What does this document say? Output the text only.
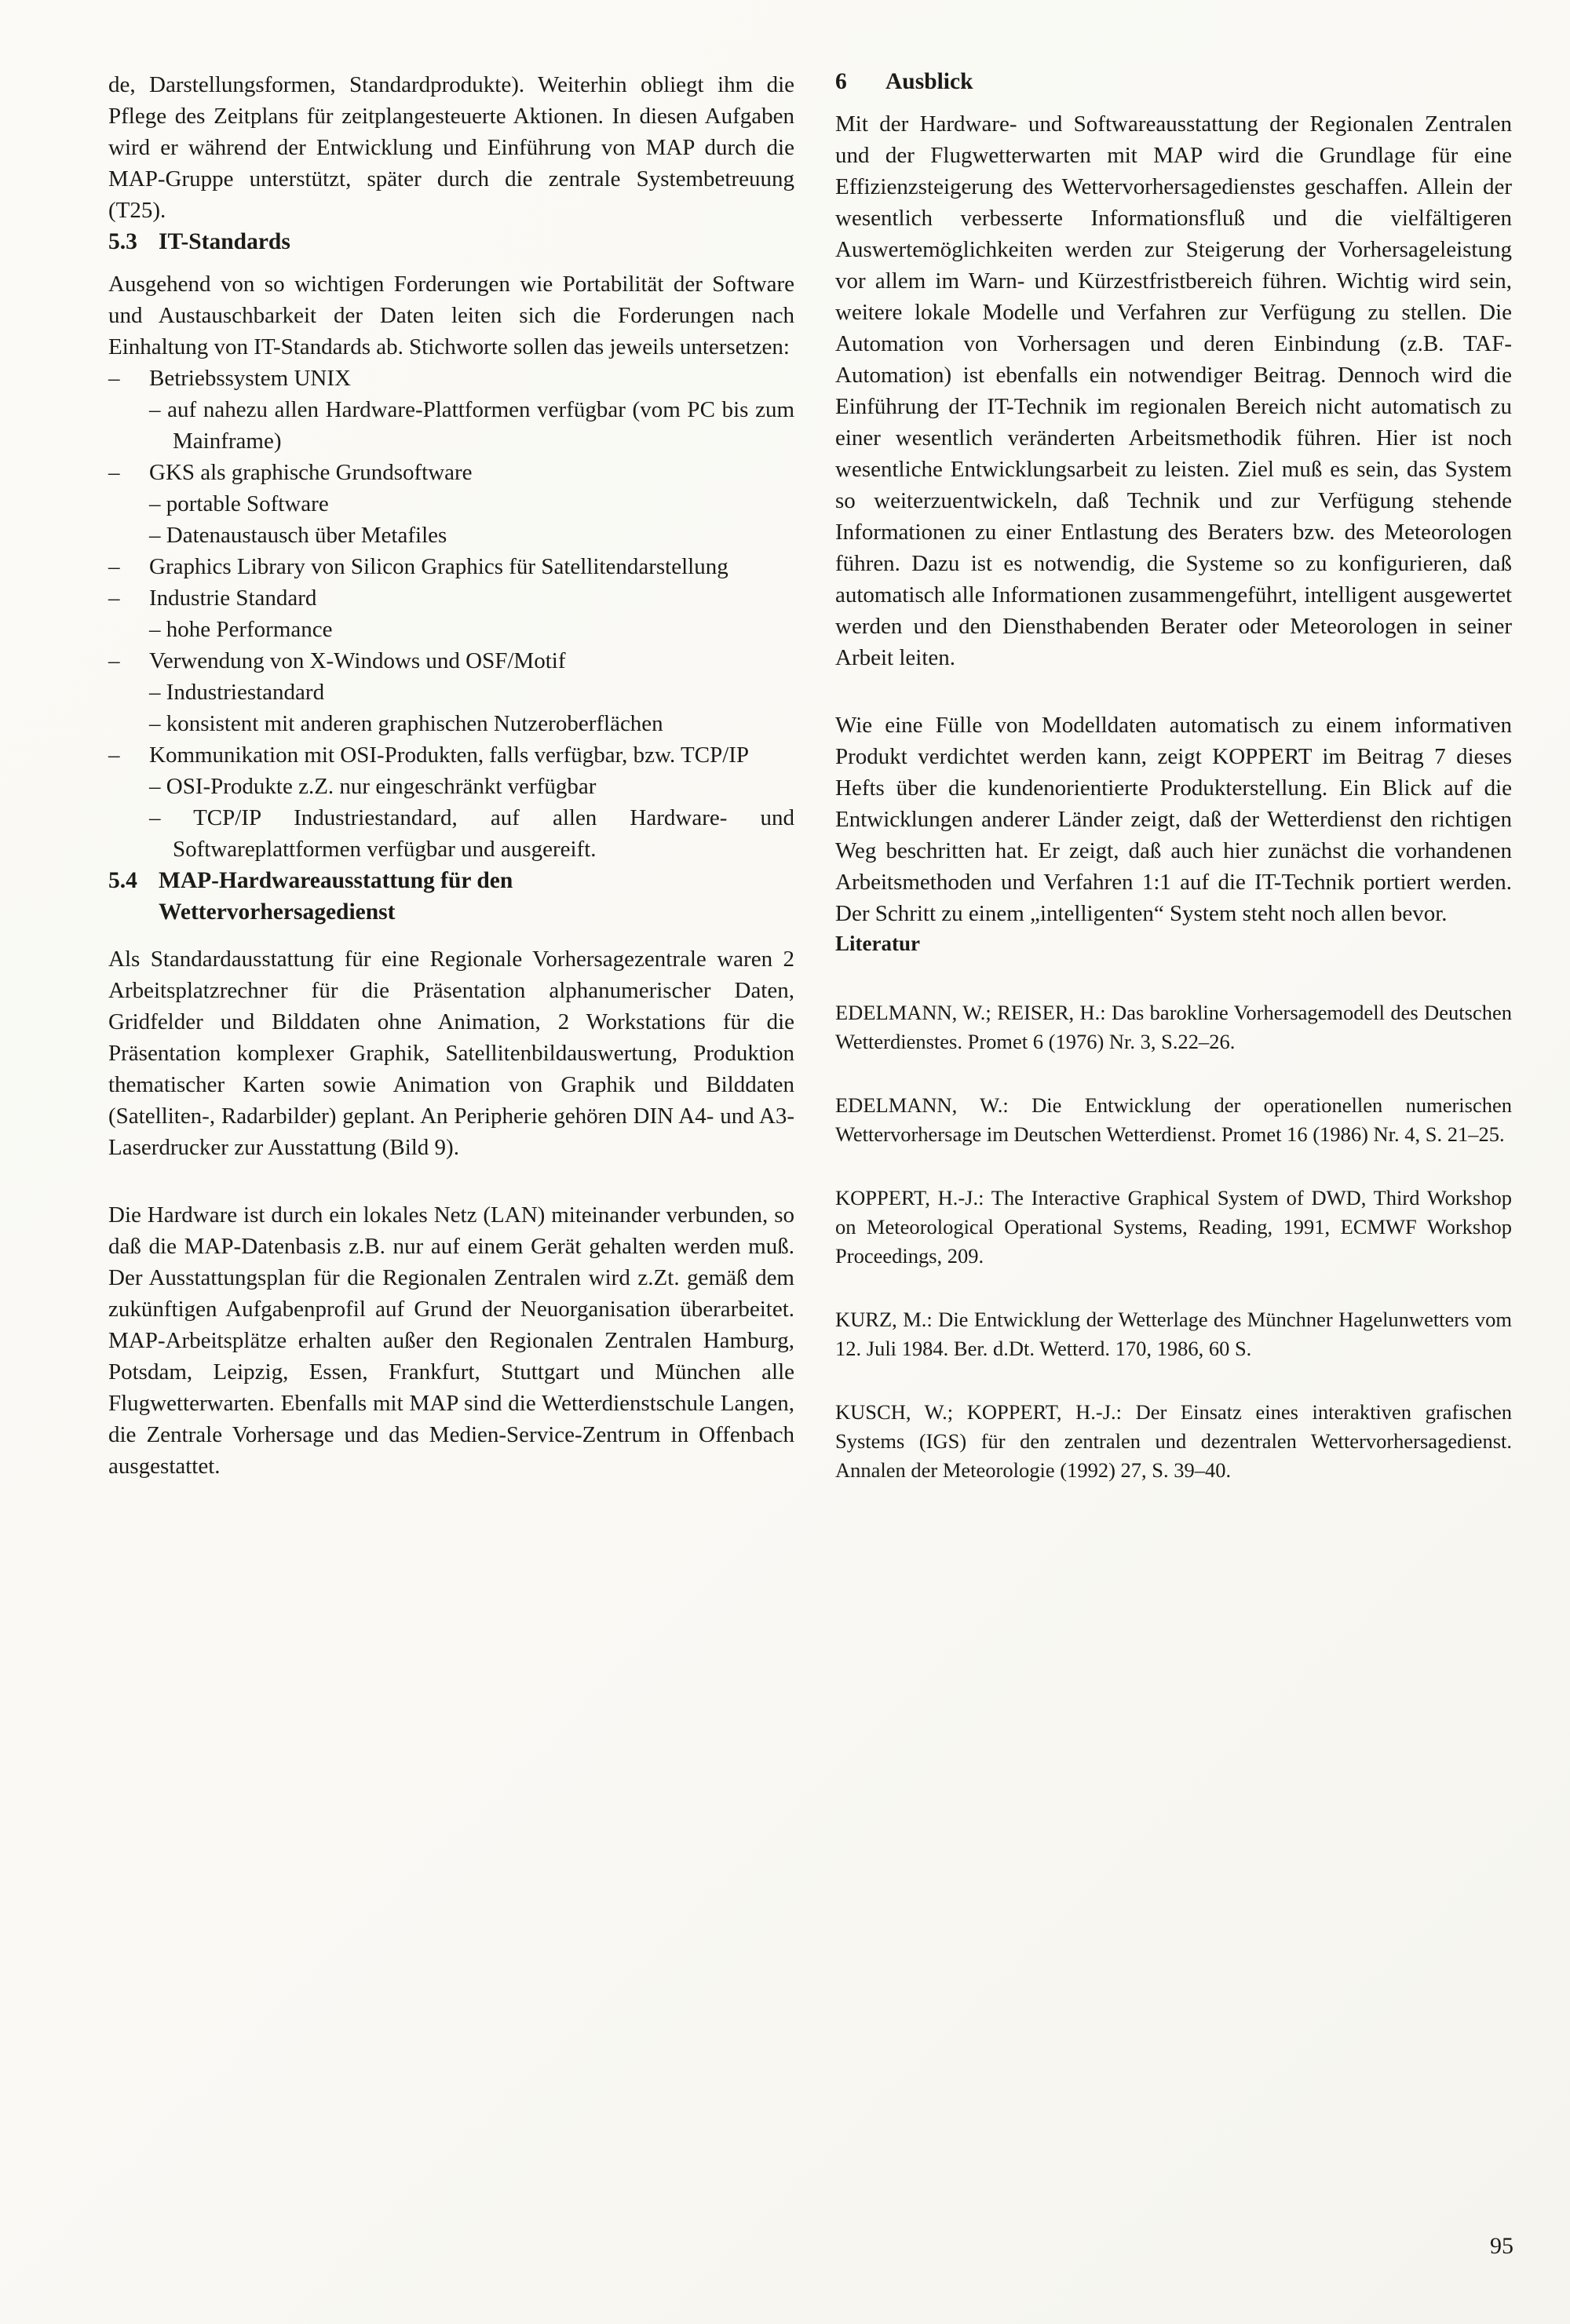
de, Darstellungsformen, Standardprodukte). Weiterhin obliegt ihm die Pflege des Zeitplans für zeitplangesteuerte Aktionen. In diesen Aufgaben wird er während der Entwicklung und Einführung von MAP durch die MAP-Gruppe unterstützt, später durch die zentrale Systembetreuung (T25).

5.3 IT-Standards

Ausgehend von so wichtigen Forderungen wie Portabilität der Software und Austauschbarkeit der Daten leiten sich die Forderungen nach Einhaltung von IT-Standards ab. Stichworte sollen das jeweils untersetzen:

–	Betriebssystem UNIX
– auf nahezu allen Hardware-Plattformen verfügbar (vom PC bis zum Mainframe)
–	GKS als graphische Grundsoftware
– portable Software
– Datenaustausch über Metafiles
–	Graphics Library von Silicon Graphics für Satellitendarstellung
–	Industrie Standard
– hohe Performance
–	Verwendung von X-Windows und OSF/Motif
– Industriestandard
– konsistent mit anderen graphischen Nutzeroberflächen
–	Kommunikation mit OSI-Produkten, falls verfügbar, bzw. TCP/IP
– OSI-Produkte z.Z. nur eingeschränkt verfügbar
– TCP/IP Industriestandard, auf allen Hardware- und Softwareplattformen verfügbar und ausgereift.
5.4 MAP-Hardwareausstattung für den Wettervorhersagedienst

Als Standardausstattung für eine Regionale Vorhersagezentrale waren 2 Arbeitsplatzrechner für die Präsentation alphanumerischer Daten, Gridfelder und Bilddaten ohne Animation, 2 Workstations für die Präsentation komplexer Graphik, Satellitenbildauswertung, Produktion thematischer Karten sowie Animation von Graphik und Bilddaten (Satelliten-, Radarbilder) geplant. An Peripherie gehören DIN A4- und A3-Laserdrucker zur Ausstattung (Bild 9).

Die Hardware ist durch ein lokales Netz (LAN) miteinander verbunden, so daß die MAP-Datenbasis z.B. nur auf einem Gerät gehalten werden muß. Der Ausstattungsplan für die Regionalen Zentralen wird z.Zt. gemäß dem zukünftigen Aufgabenprofil auf Grund der Neuorganisation überarbeitet. MAP-Arbeitsplätze erhalten außer den Regionalen Zentralen Hamburg, Potsdam, Leipzig, Essen, Frankfurt, Stuttgart und München alle Flugwetterwarten. Ebenfalls mit MAP sind die Wetterdienstschule Langen, die Zentrale Vorhersage und das Medien-Service-Zentrum in Offenbach ausgestattet.

6	Ausblick

Mit der Hardware- und Softwareausstattung der Regionalen Zentralen und der Flugwetterwarten mit MAP wird die Grundlage für eine Effizienzsteigerung des Wettervorhersagedienstes geschaffen. Allein der wesentlich verbesserte Informationsfluß und die vielfältigeren Auswertemöglichkeiten werden zur Steigerung der Vorhersageleistung vor allem im Warn- und Kürzestfristbereich führen. Wichtig wird sein, weitere lokale Modelle und Verfahren zur Verfügung zu stellen. Die Automation von Vorhersagen und deren Einbindung (z.B. TAF-Automation) ist ebenfalls ein notwendiger Beitrag. Dennoch wird die Einführung der IT-Technik im regionalen Bereich nicht automatisch zu einer wesentlich veränderten Arbeitsmethodik führen. Hier ist noch wesentliche Entwicklungsarbeit zu leisten. Ziel muß es sein, das System so weiterzuentwickeln, daß Technik und zur Verfügung stehende Informationen zu einer Entlastung des Beraters bzw. des Meteorologen führen. Dazu ist es notwendig, die Systeme so zu konfigurieren, daß automatisch alle Informationen zusammengeführt, intelligent ausgewertet werden und den Diensthabenden Berater oder Meteorologen in seiner Arbeit leiten.

Wie eine Fülle von Modelldaten automatisch zu einem informativen Produkt verdichtet werden kann, zeigt KOPPERT im Beitrag 7 dieses Hefts über die kundenorientierte Produkterstellung. Ein Blick auf die Entwicklungen anderer Länder zeigt, daß der Wetterdienst den richtigen Weg beschritten hat. Er zeigt, daß auch hier zunächst die vorhandenen Arbeitsmethoden und Verfahren 1:1 auf die IT-Technik portiert werden. Der Schritt zu einem „intelligenten“ System steht noch allen bevor.

Literatur

EDELMANN, W.; REISER, H.: Das barokline Vorhersagemodell des Deutschen Wetterdienstes. Promet 6 (1976) Nr. 3, S.22–26.

EDELMANN, W.: Die Entwicklung der operationellen numerischen Wettervorhersage im Deutschen Wetterdienst. Promet 16 (1986) Nr. 4, S. 21–25.

KOPPERT, H.-J.: The Interactive Graphical System of DWD, Third Workshop on Meteorological Operational Systems, Reading, 1991, ECMWF Workshop Proceedings, 209.

KURZ, M.: Die Entwicklung der Wetterlage des Münchner Hagelunwetters vom 12. Juli 1984. Ber. d.Dt. Wetterd. 170, 1986, 60 S.

KUSCH, W.; KOPPERT, H.-J.: Der Einsatz eines interaktiven grafischen Systems (IGS) für den zentralen und dezentralen Wettervorhersagedienst. Annalen der Meteorologie (1992) 27, S. 39–40.

95
